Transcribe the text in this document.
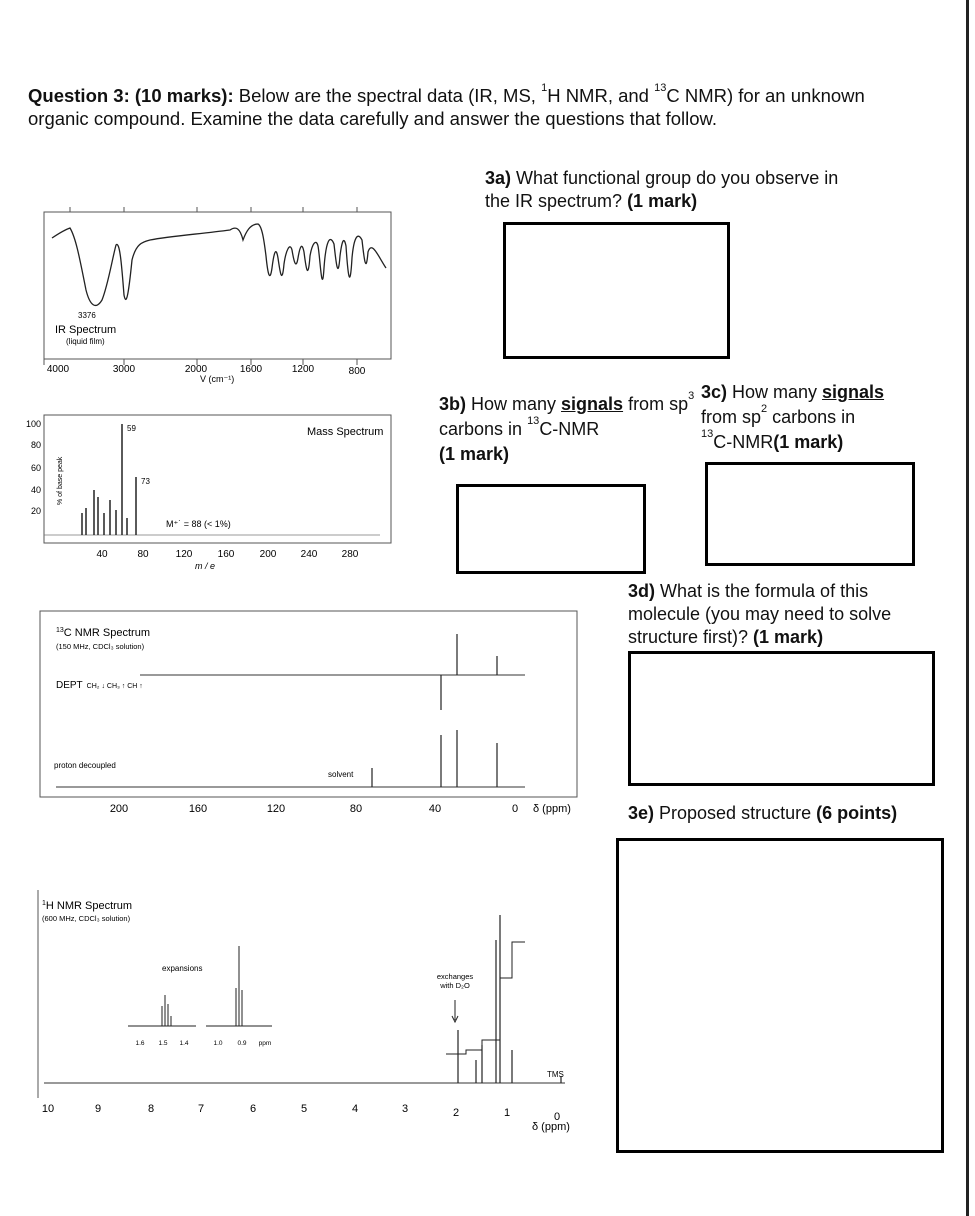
Question 3: (10 marks): Below are the spectral data (IR, MS, $^1$H NMR, and $^{13}$C NMR) for an unknown organic compound. Examine the data carefully and answer the questions that follow.
3a) What functional group do you observe in the IR spectrum? (1 mark)
3b) How many signals from $sp^3$ carbons in $^{13}$C-NMR
(1 mark)
3c) How many signals
from $sp^2$ carbons in
$^{13}$C-NMR(1 mark)
3d) What is the formula of this molecule (you may need to solve structure first)? (1 mark)
3e) Proposed structure (6 points)
3376
IR Spectrum
(liquid film)
4000	3000	2000	1600	1200	800
V (cm⁻¹)
100
80
60
40
20
% of base peak
59
73
M⁺˙ = 88 (< 1%)
Mass Spectrum
40	80	120	160	200 240 280
m / e
$^{13}$C NMR Spectrum
(150 MHz, CDCl₃ solution)
DEPT CH₂ ↓ CH₃ ↑ CH ↑
proton decoupled
solvent
200	160	120	80	40	0 δ (ppm)
$^1$H NMR Spectrum
(600 MHz, CDCl₃ solution)
expansions
1.6 1.5 1.4	1.0 0.9 ppm
exchanges
with D₂O
TMS
10	9	8	7	6	5	4	3	2	1	0
δ (ppm)
